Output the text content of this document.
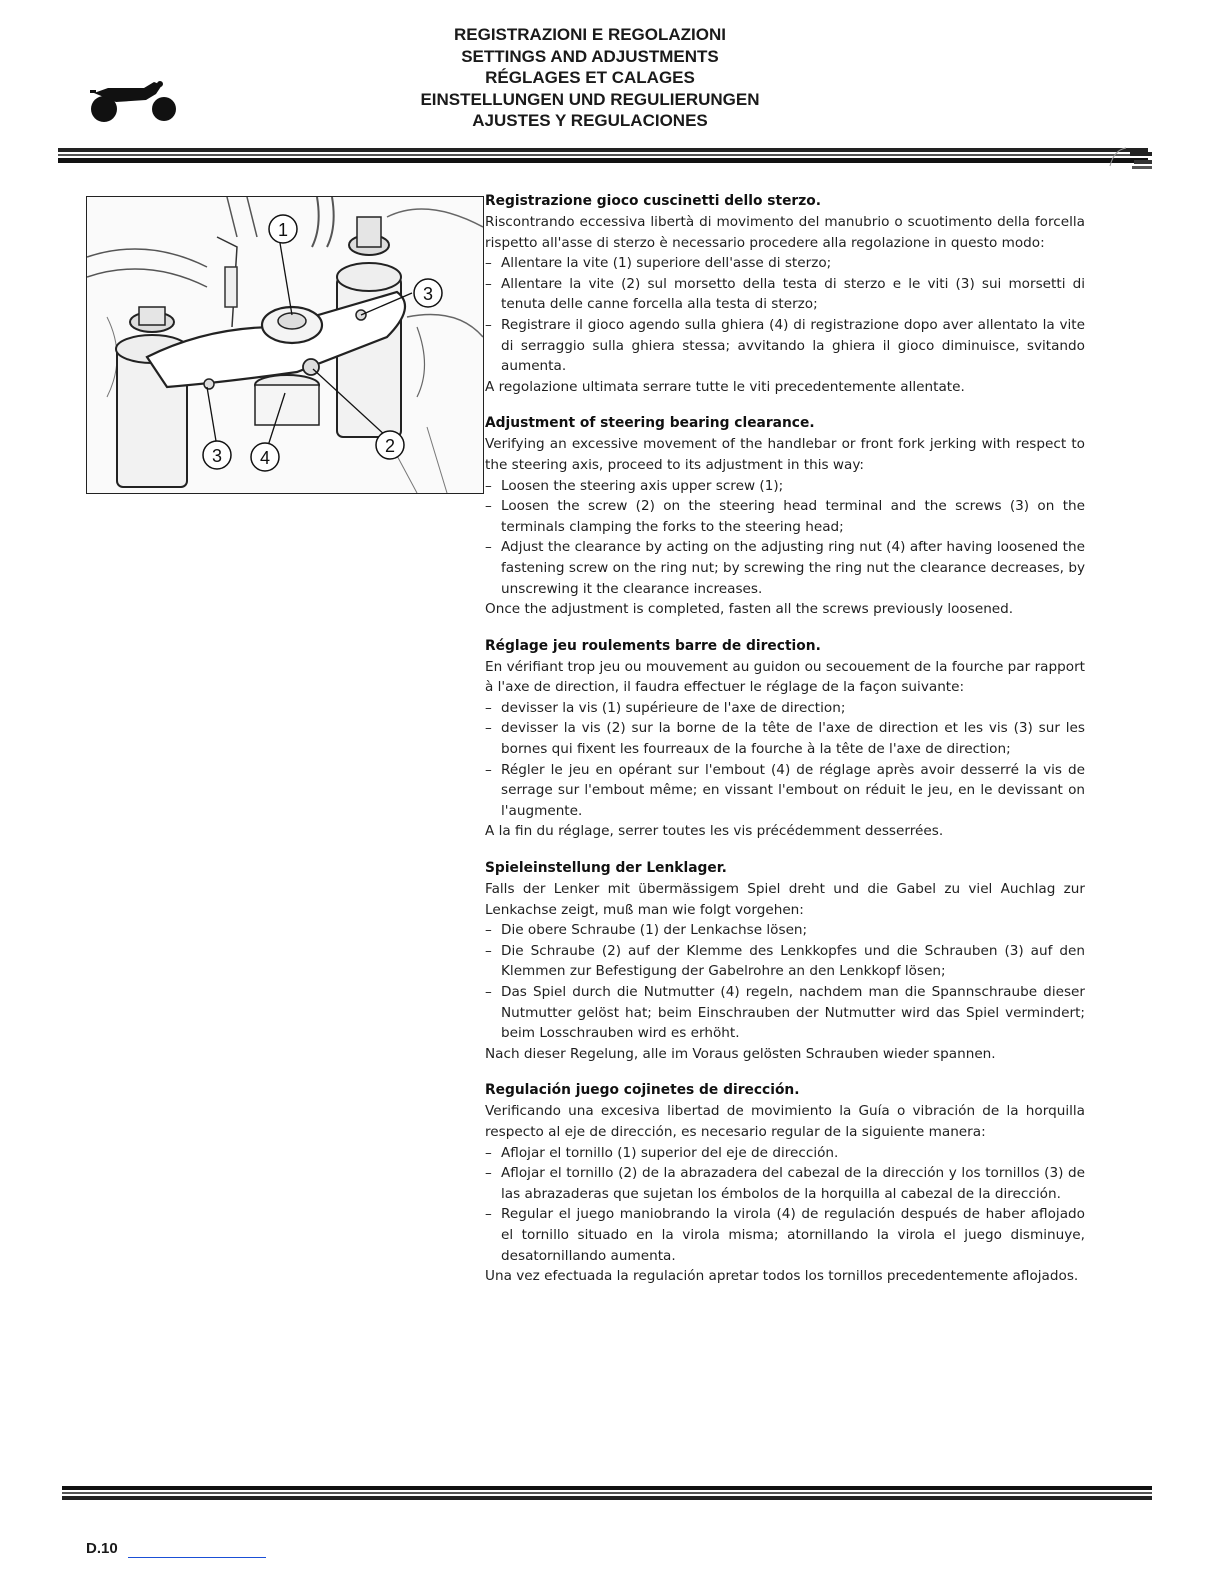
REGISTRAZIONI E REGOLAZIONI
SETTINGS AND ADJUSTMENTS
RÉGLAGES ET CALAGES
EINSTELLUNGEN UND REGULIERUNGEN
AJUSTES Y REGULACIONES
1
2
3
3 4
Registrazione gioco cuscinetti dello sterzo.
Riscontrando eccessiva libertà di movimento del manubrio o scuotimento della forcella rispetto all'asse di sterzo è necessario procedere alla regolazione in questo modo:
– Allentare la vite (1) superiore dell'asse di sterzo;
– Allentare la vite (2) sul morsetto della testa di sterzo e le viti (3) sui morsetti di tenuta delle canne forcella alla testa di sterzo;
– Registrare il gioco agendo sulla ghiera (4) di registrazione dopo aver allentato la vite di serraggio sulla ghiera stessa; avvitando la ghiera il gioco diminuisce, svitando aumenta.
A regolazione ultimata serrare tutte le viti precedentemente allentate.
Adjustment of steering bearing clearance.
Verifying an excessive movement of the handlebar or front fork jerking with respect to the steering axis, proceed to its adjustment in this way:
– Loosen the steering axis upper screw (1);
– Loosen the screw (2) on the steering head terminal and the screws (3) on the terminals clamping the forks to the steering head;
– Adjust the clearance by acting on the adjusting ring nut (4) after having loosened the fastening screw on the ring nut; by screwing the ring nut the clearance decreases, by unscrewing it the clearance increases.
Once the adjustment is completed, fasten all the screws previously loosened.
Réglage jeu roulements barre de direction.
En vérifiant trop jeu ou mouvement au guidon ou secouement de la fourche par rapport à l'axe de direction, il faudra effectuer le réglage de la façon suivante:
– devisser la vis (1) supérieure de l'axe de direction;
– devisser la vis (2) sur la borne de la tête de l'axe de direction et les vis (3) sur les bornes qui fixent les fourreaux de la fourche à la tête de l'axe de direction;
– Régler le jeu en opérant sur l'embout (4) de réglage après avoir desserré la vis de serrage sur l'embout même; en vissant l'embout on réduit le jeu, en le devissant on l'augmente.
A la fin du réglage, serrer toutes les vis précédemment desserrées.
Spieleinstellung der Lenklager.
Falls der Lenker mit übermässigem Spiel dreht und die Gabel zu viel Auchlag zur Lenkachse zeigt, muß man wie folgt vorgehen:
– Die obere Schraube (1) der Lenkachse lösen;
– Die Schraube (2) auf der Klemme des Lenkkopfes und die Schrauben (3) auf den Klemmen zur Befestigung der Gabelrohre an den Lenkkopf lösen;
– Das Spiel durch die Nutmutter (4) regeln, nachdem man die Spannschraube dieser Nutmutter gelöst hat; beim Einschrauben der Nutmutter wird das Spiel vermindert; beim Losschrauben wird es erhöht.
Nach dieser Regelung, alle im Voraus gelösten Schrauben wieder spannen.
Regulación juego cojinetes de dirección.
Verificando una excesiva libertad de movimiento la Guía o vibración de la horquilla respecto al eje de dirección, es necesario regular de la siguiente manera:
– Aflojar el tornillo (1) superior del eje de dirección.
– Aflojar el tornillo (2) de la abrazadera del cabezal de la dirección y los tornillos (3) de las abrazaderas que sujetan los émbolos de la horquilla al cabezal de la dirección.
– Regular el juego maniobrando la virola (4) de regulación después de haber aflojado el tornillo situado en la virola misma; atornillando la virola el juego disminuye, desatornillando aumenta.
Una vez efectuada la regulación apretar todos los tornillos precedentemente aflojados.
D.10
